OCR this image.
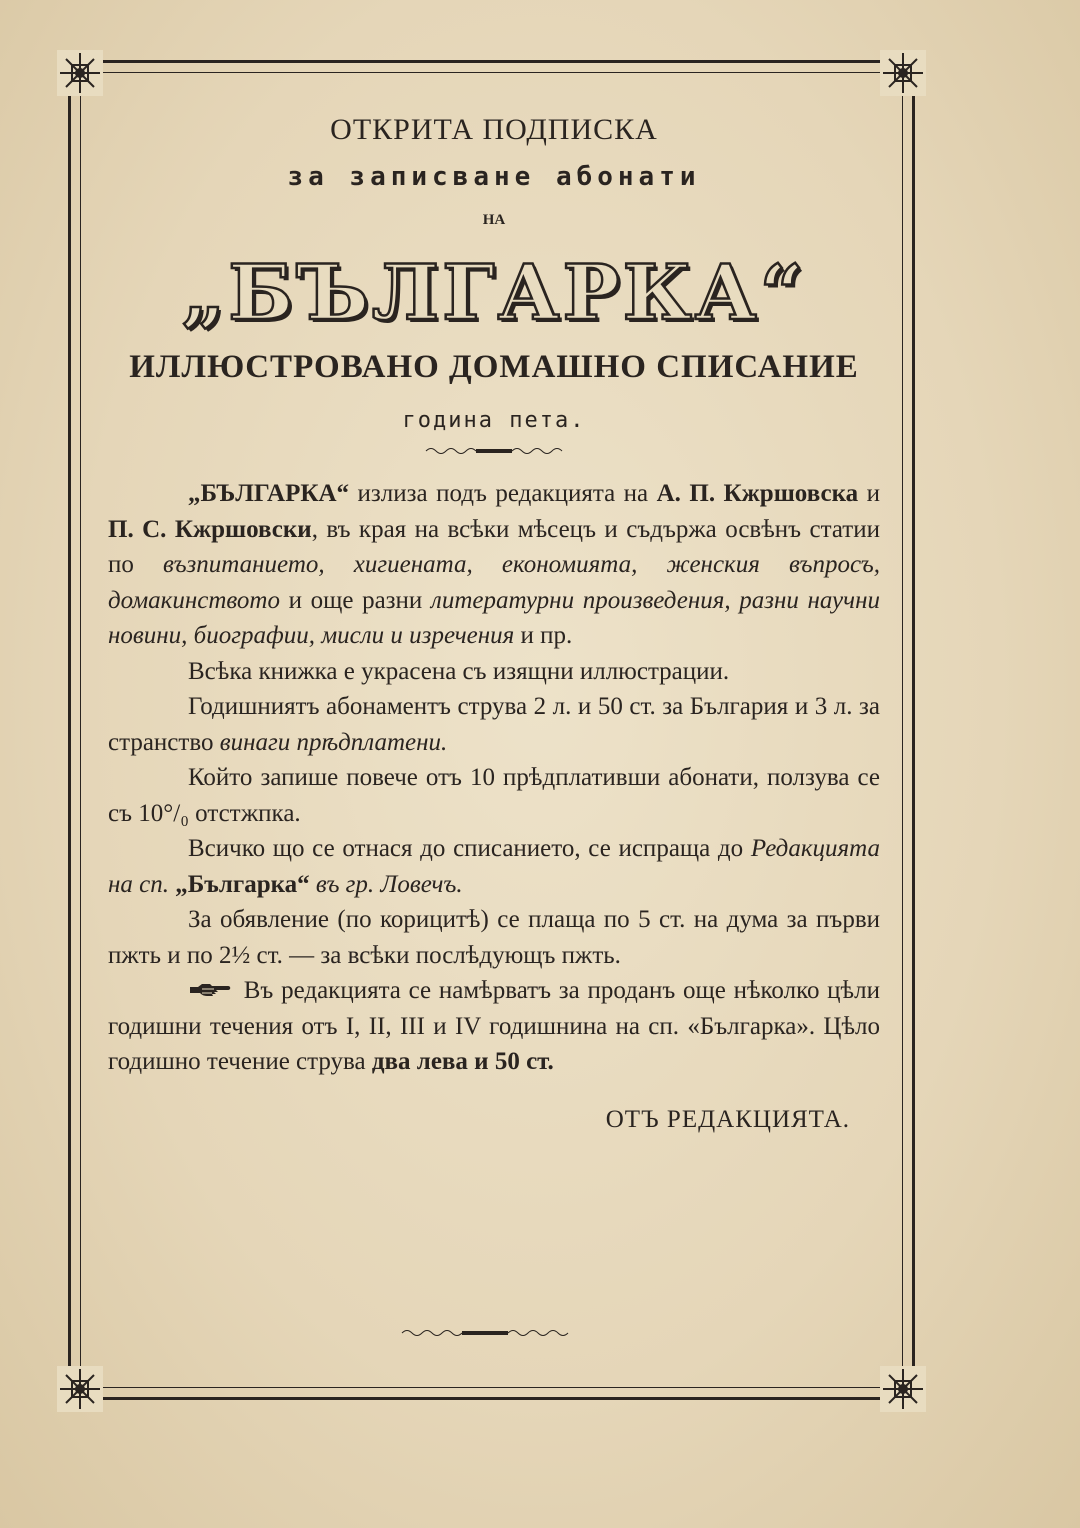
ОТКРИТА ПОДПИСКА
за записване абонати
НА
„БЪЛГАРКА“
ИЛЛЮСТРОВАНО ДОМАШНО СПИСАНИЕ
година пета.

„БЪЛГАРКА“ излиза подъ редакцията на А. П. Кжршовска и П. С. Кжршовски, въ края на всѣки мѣсецъ и съдържа освѣнъ статии по възпитанието, хигиената, економията, женския въпросъ, домакинството и още разни литературни произведения, разни научни новини, биографии, мисли и изречения и пр.

Всѣка книжка е украсена съ изящни иллюстрации.

Годишниятъ абонаментъ струва 2 л. и 50 ст. за България и 3 л. за странство винаги прѣдплатени.

Който запише повече отъ 10 прѣдплативши абонати, ползува се съ 10°/₀ отстжпка.

Всичко що се отнася до списанието, се испраща до Редакцията на сп. „Българка“ въ гр. Ловечъ.

За обявление (по корицитѣ) се плаща по 5 ст. на дума за първи пжть и по 2½ ст. — за всѣки послѣдующъ пжть.

Въ редакцията се намѣрватъ за проданъ още нѣколко цѣли годишни течения отъ I, II, III и IV годишнина на сп. «Българка». Цѣло годишно течение струва два лева и 50 ст.

ОТЪ РЕДАКЦИЯТА.
